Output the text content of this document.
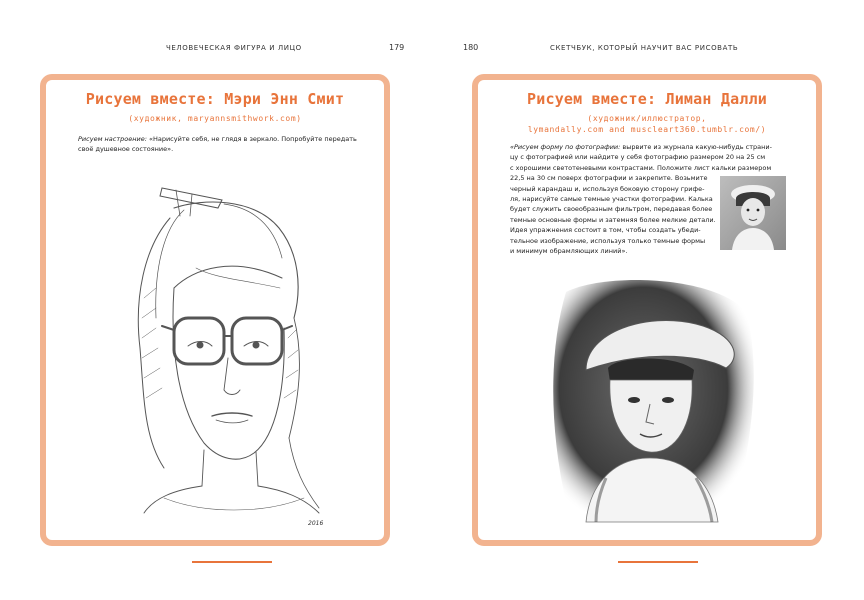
ЧЕЛОВЕЧЕСКАЯ ФИГУРА И ЛИЦО	179	180	СКЕТЧБУК, КОТОРЫЙ НАУЧИТ ВАС РИСОВАТЬ
Рисуем вместе: Мэри Энн Смит
(художник, maryannsmithwork.com)
Рисуем настроение: «Нарисуйте себя, не глядя в зеркало. Попробуйте передать своё душевное состояние».
2016
Рисуем вместе: Лиман Далли
(художник/иллюстратор,
lymandally.com and muscleart360.tumblr.com/)
«Рисуем форму по фотографии: вырвите из журнала какую-нибудь страни-
цу с фотографией или найдите у себя фотографию размером 20 на 25 см
с хорошими светотеневыми контрастами. Положите лист кальки размером
22,5 на 30 см поверх фотографии и закрепите. Возьмите
черный карандаш и, используя боковую сторону грифе-
ля, нарисуйте самые темные участки фотографии. Калька
будет служить своеобразным фильтром, передавая более
темные основные формы и затемняя более мелкие детали.
Идея упражнения состоит в том, чтобы создать убеди-
тельное изображение, используя только темные формы
и минимум обрамляющих линий».
